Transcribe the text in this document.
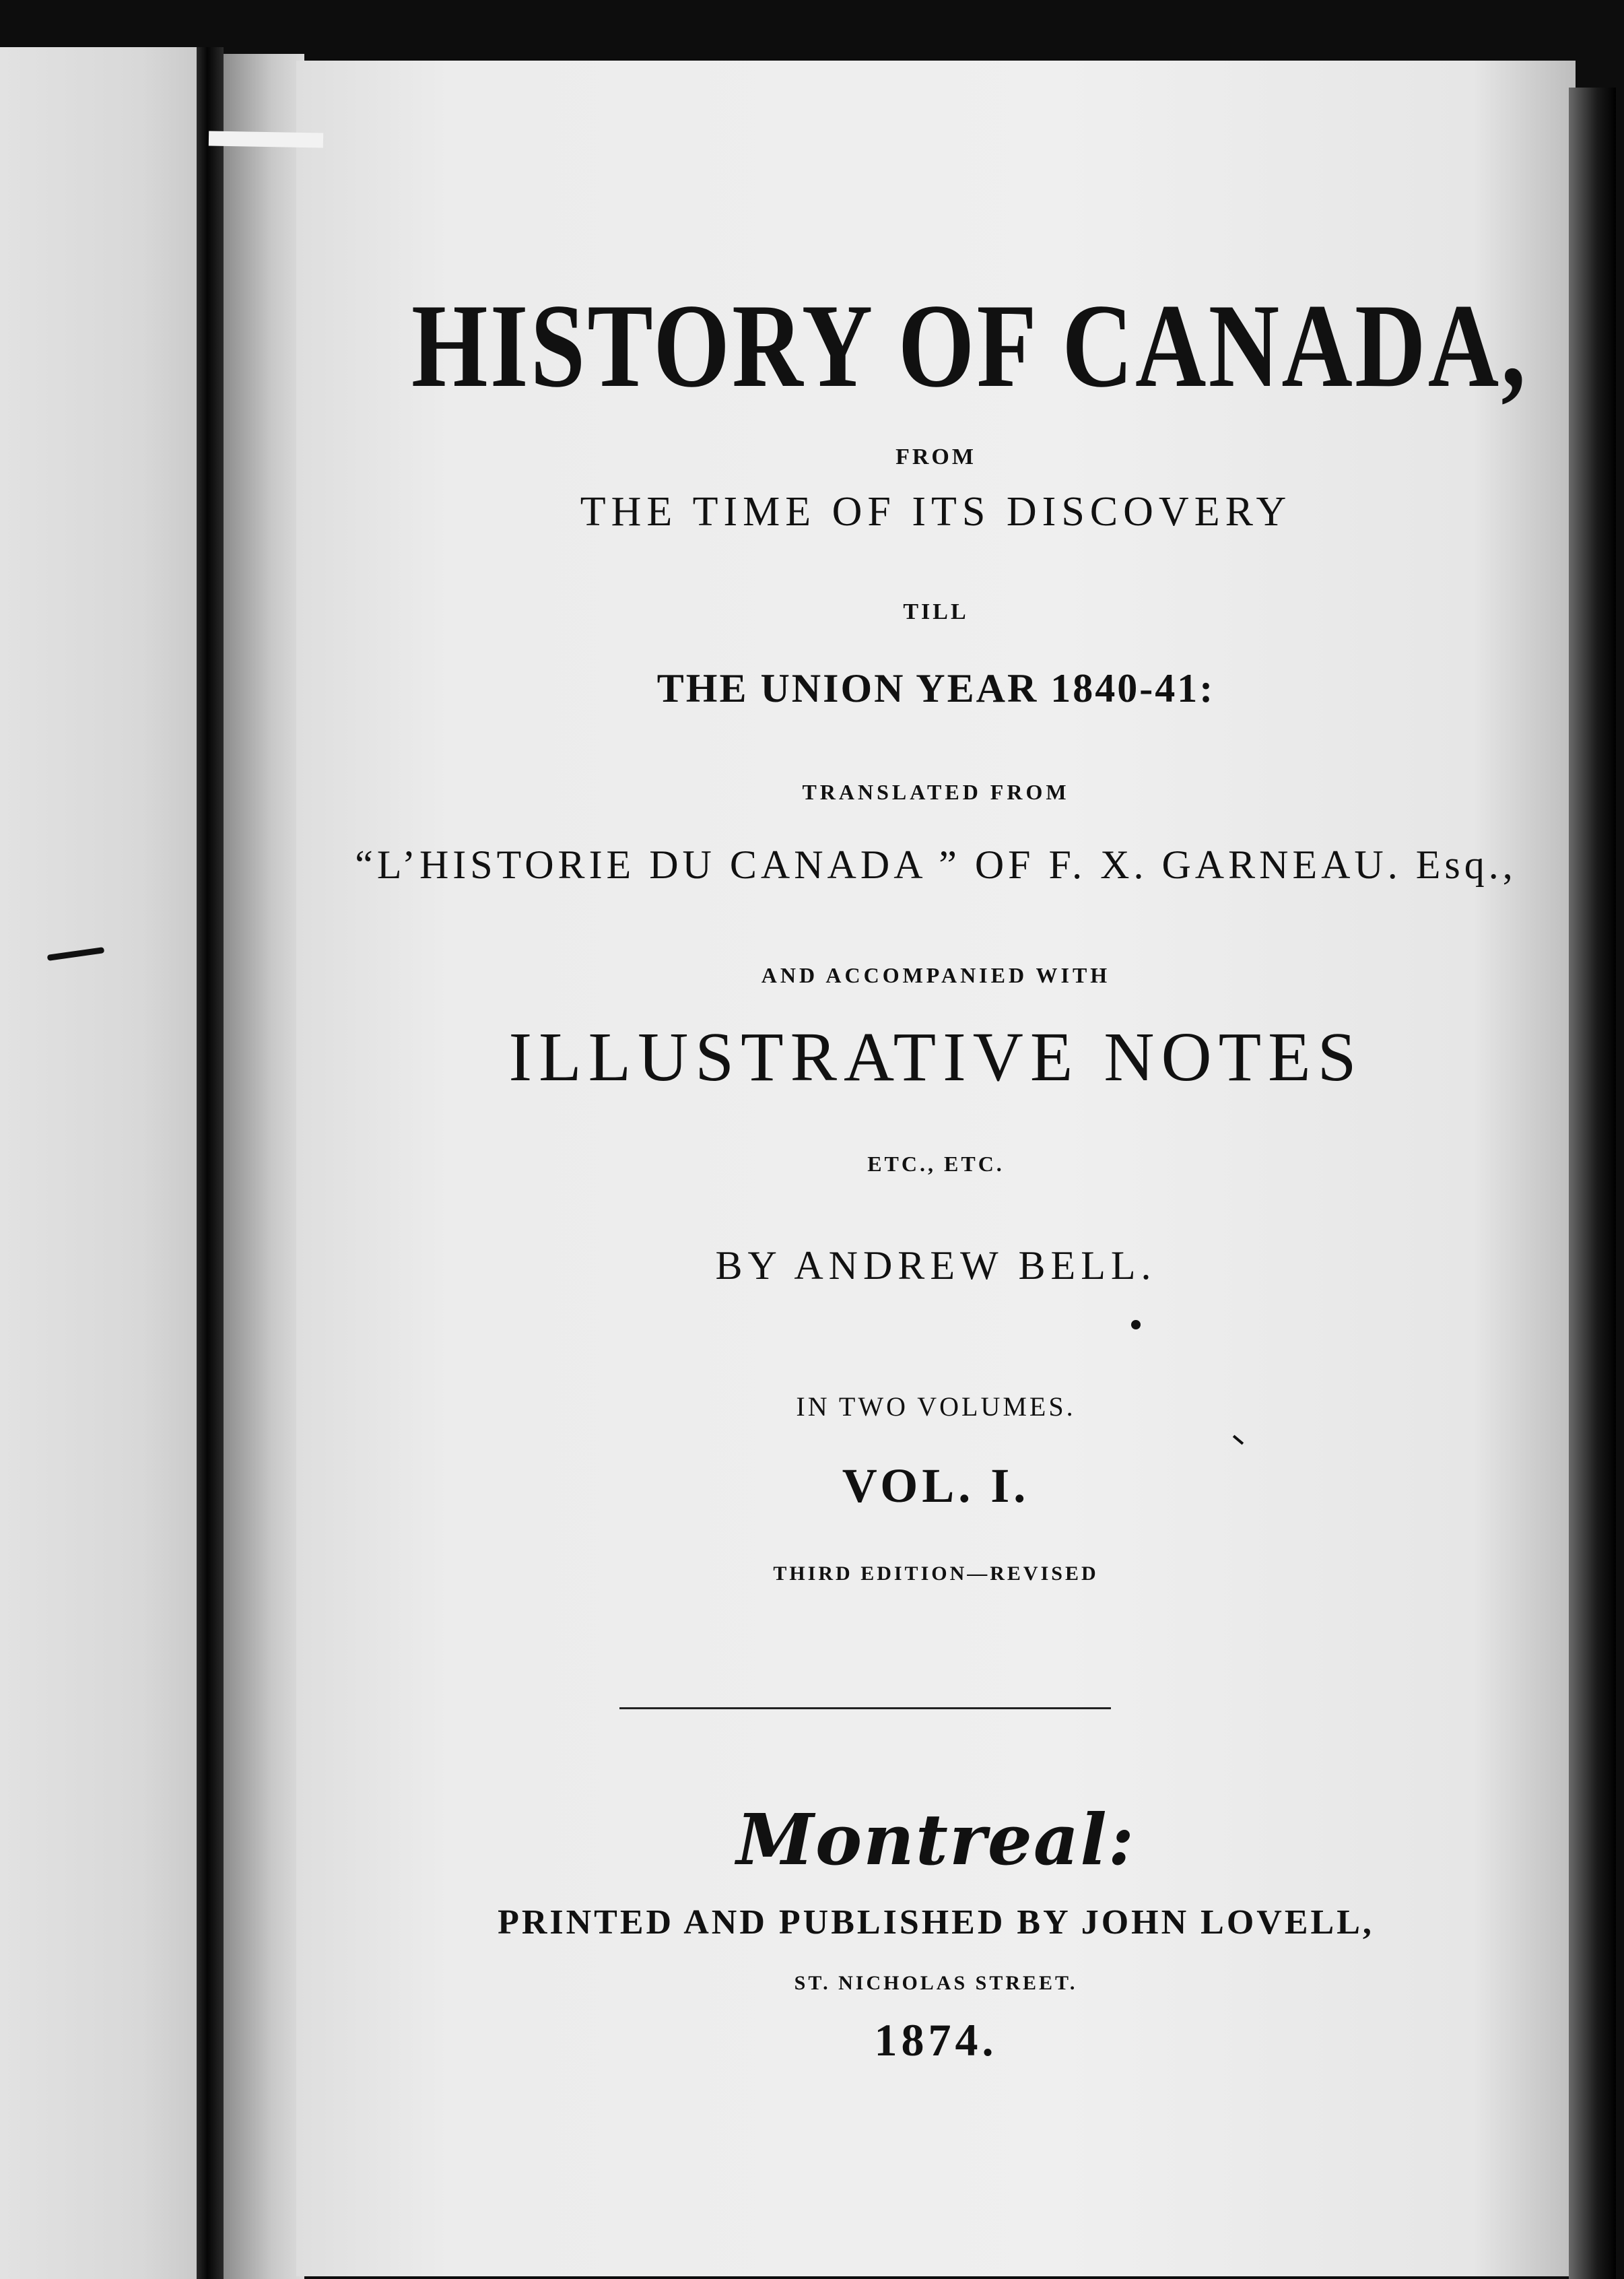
HISTORY OF CANADA,
FROM
THE TIME OF ITS DISCOVERY
TILL
THE UNION YEAR 1840-41:
TRANSLATED FROM
“L’HISTORIE DU CANADA ” OF F. X. GARNEAU. Esq.,
AND ACCOMPANIED WITH
ILLUSTRATIVE NOTES
ETC., ETC.
BY ANDREW BELL.
IN TWO VOLUMES.
VOL. I.
THIRD EDITION—REVISED
Montreal:
PRINTED AND PUBLISHED BY JOHN LOVELL,
ST. NICHOLAS STREET.
1874.
